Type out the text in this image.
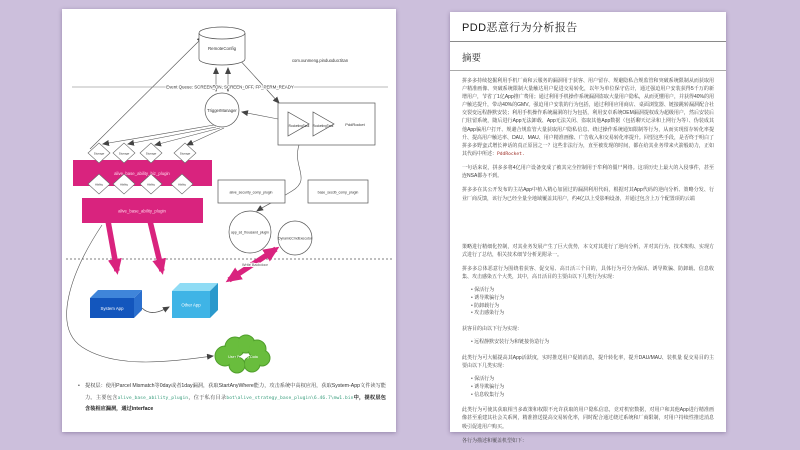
RemoteConfig
com.xunmeng.pinduoduo:titan
Event Queue: SCREEN_ON, SCREEN_OFF, FP_PERM_READY
TriggerManager
RocketingTask RocketingTask	PddRocket
Storage	Storage	Storage	Storage
Ability	Ability	Ability	Ability
alive_base_ability_biz_plugin
alive_base_ability_plugin
alive_security_comp_plugin	base_secdb_comp_plugin
app_sd_thousand_plugin
DynamicCmdExecutor
Write Backdoor
System App
Other App
User Privacy Data
• 提权层：使用Parcel Mismatch等0day或者1day漏洞，获取StartAnyWhere能力，攻击系统中高权应用，获取System-App文件读写能力。主要包含alive_base_ability_plugin，位于私有目录bot\alive_strategy_base_plugin\6.46.7\mw1.bin中，提权层包含装相应漏洞，通过interface
PDD恶意行为分析报告
摘要

拼多多持续挖掘利用手机厂商和云服务的漏洞用于获客、用户留存、规避隐私合规监管和突破系统限制从而获取用户精准画像、突破系统限制大量触达用户促进交易转化，以年为单位保守估计，通过强迫用户安装获得5千万的新增用户，节省了1亿App推广费用；通过利用手机操作系统漏洞盗取大量用户隐私，从而更懂用户，并获得40%的用户触达提升，带动40%的GMV。强迫用户安装的行为包括，通过利用应用商店、桌面浏览器、链接跳转漏洞配合社交裂变远程静默安装；利用手机操作系统漏洞的行为包括，利用安卓系统OEM漏洞提权成为超级用户，然后安装后门驻留系统，随后进行App无法卸载、App无法关闭、盗取其他App数据（包括聊天记录和上网行为等）、伪装成其他App骗用户打开、规避合规监管大量获取用户隐私信息、绕过操作系统通知限制等行为，从而实现留存转化率提升、提高用户触达率、DAU、MAU、用户精准画像、广告收入和交易转化率提升。回望这些手段，是否终于明白了拼多多野蛮式增长神话的真正原因之一？这些非法行为，直至被发现的时间，都在给其业务带来火箭般助力，正如其代码中所述：PddRocket.

一句话来说，拼多多将4亿用户设备变成了被其完全控制用于牟利的僵尸网络。这项历史上最大的入侵事件，甚至连NSA都办不到。

拼多多在其公开发布的主站App中植入精心加固过的漏洞利用代码，根据对其App代码的逆向分析、策略分发、行业厂商反馈，该行为已经全量全地域覆盖其用户，约4亿以上受影响设备，并通过包含上万个配置项的云端

策略进行精细化控制，对其业务发展产生了巨大优势，本文对其进行了逆向分析，并对其行为、技术架构、实现方式进行了总结，相关技术细节分析见附录一。

拼多多总体恶意行为围绕着获客、促交易、高日活三个目的，具体行为可分为保活、诱导欺骗、防卸载、信息收集、攻击感染五个大类，其中，高日活目的主要由以下几类行为实现：

• 保活行为
• 诱导欺骗行为
• 防卸载行为
• 攻击感染行为

获客目的由以下行为实现：

• 远程静默安装行为和链接伪造行为

此类行为可大幅提高其App活跃度，实时推送用户促销消息，提升转化率，提升DAU/MAU、装机量 促交易目的主要由以下几类实现：

• 保活行为
• 诱导欺骗行为
• 信息收集行为

此类行为可使其获取相当多政策和权限不允许获取的用户隐私信息，竞对机密数据，对用户和其他App进行精准画像甚至重建其社会关系网，精准推送提高交易转化率，同时配合通过绕过系统和厂商限制，对用户持续性推送消息吸引促进用户购买。

各行为描述和覆盖机型如下：
